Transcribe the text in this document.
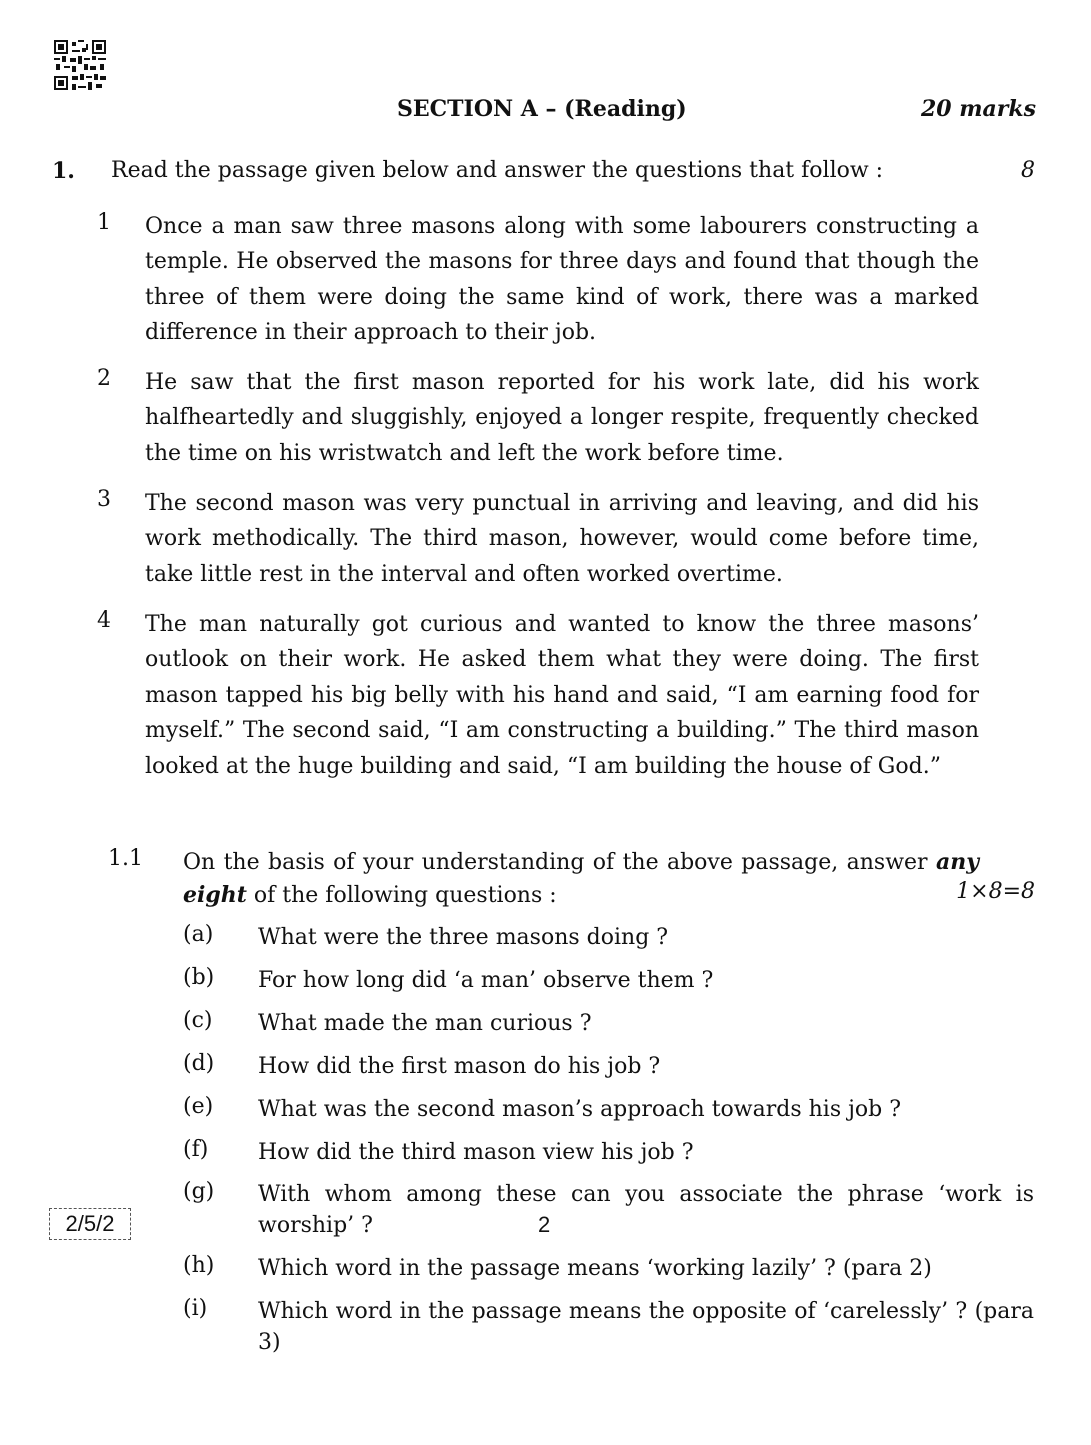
SECTION A – (Reading)	20 marks
1. Read the passage given below and answer the questions that follow :	8
1 Once a man saw three masons along with some labourers constructing a temple. He observed the masons for three days and found that though the three of them were doing the same kind of work, there was a marked difference in their approach to their job.
2 He saw that the first mason reported for his work late, did his work halfheartedly and sluggishly, enjoyed a longer respite, frequently checked the time on his wristwatch and left the work before time.
3 The second mason was very punctual in arriving and leaving, and did his work methodically. The third mason, however, would come before time, take little rest in the interval and often worked overtime.
4 The man naturally got curious and wanted to know the three masons’ outlook on their work. He asked them what they were doing. The first mason tapped his big belly with his hand and said, “I am earning food for myself.” The second said, “I am constructing a building.” The third mason looked at the huge building and said, “I am building the house of God.”
1.1 On the basis of your understanding of the above passage, answer any eight of the following questions :	1×8=8
(a) What were the three masons doing ?
(b) For how long did ‘a man’ observe them ?
(c) What made the man curious ?
(d) How did the first mason do his job ?
(e) What was the second mason’s approach towards his job ?
(f) How did the third mason view his job ?
(g) With whom among these can you associate the phrase ‘work is worship’ ?
(h) Which word in the passage means ‘working lazily’ ? (para 2)
(i) Which word in the passage means the opposite of ‘carelessly’ ? (para 3)
2/5/2	2
